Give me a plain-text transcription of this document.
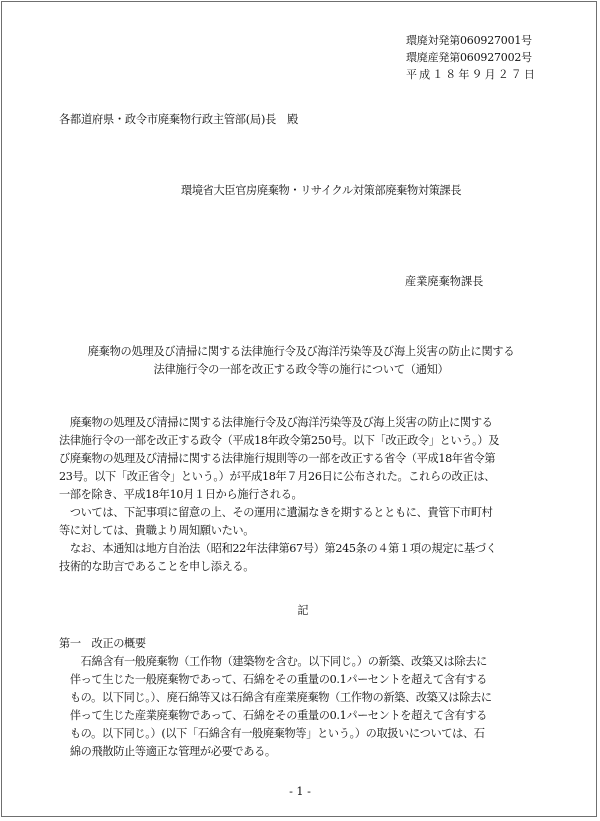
環廃対発第060927001号
環廃産発第060927002号
平成１８年９月２７日
各都道府県・政令市廃棄物行政主管部(局)長　殿
環境省大臣官房廃棄物・リサイクル対策部廃棄物対策課長
産業廃棄物課長
廃棄物の処理及び清掃に関する法律施行令及び海洋汚染等及び海上災害の防止に関する
法律施行令の一部を改正する政令等の施行について（通知）
　廃棄物の処理及び清掃に関する法律施行令及び海洋汚染等及び海上災害の防止に関する
法律施行令の一部を改正する政令（平成18年政令第250号。以下「改正政令」という。）及
び廃棄物の処理及び清掃に関する法律施行規則等の一部を改正する省令（平成18年省令第
23号。以下「改正省令」という。）が平成18年７月26日に公布された。これらの改正は、
一部を除き、平成18年10月１日から施行される。
　ついては、下記事項に留意の上、その運用に遺漏なきを期するとともに、貴管下市町村
等に対しては、貴職より周知願いたい。
　なお、本通知は地方自治法（昭和22年法律第67号）第245条の４第１項の規定に基づく
技術的な助言であることを申し添える。
記
第一　改正の概要
　　石綿含有一般廃棄物（工作物（建築物を含む。以下同じ。）の新築、改築又は除去に
　伴って生じた一般廃棄物であって、石綿をその重量の0.1パーセントを超えて含有する
　もの。以下同じ。）、廃石綿等又は石綿含有産業廃棄物（工作物の新築、改築又は除去に
　伴って生じた産業廃棄物であって、石綿をその重量の0.1パーセントを超えて含有する
　もの。以下同じ。）(以下「石綿含有一般廃棄物等」という。）の取扱いについては、石
　綿の飛散防止等適正な管理が必要である。
- 1 -
